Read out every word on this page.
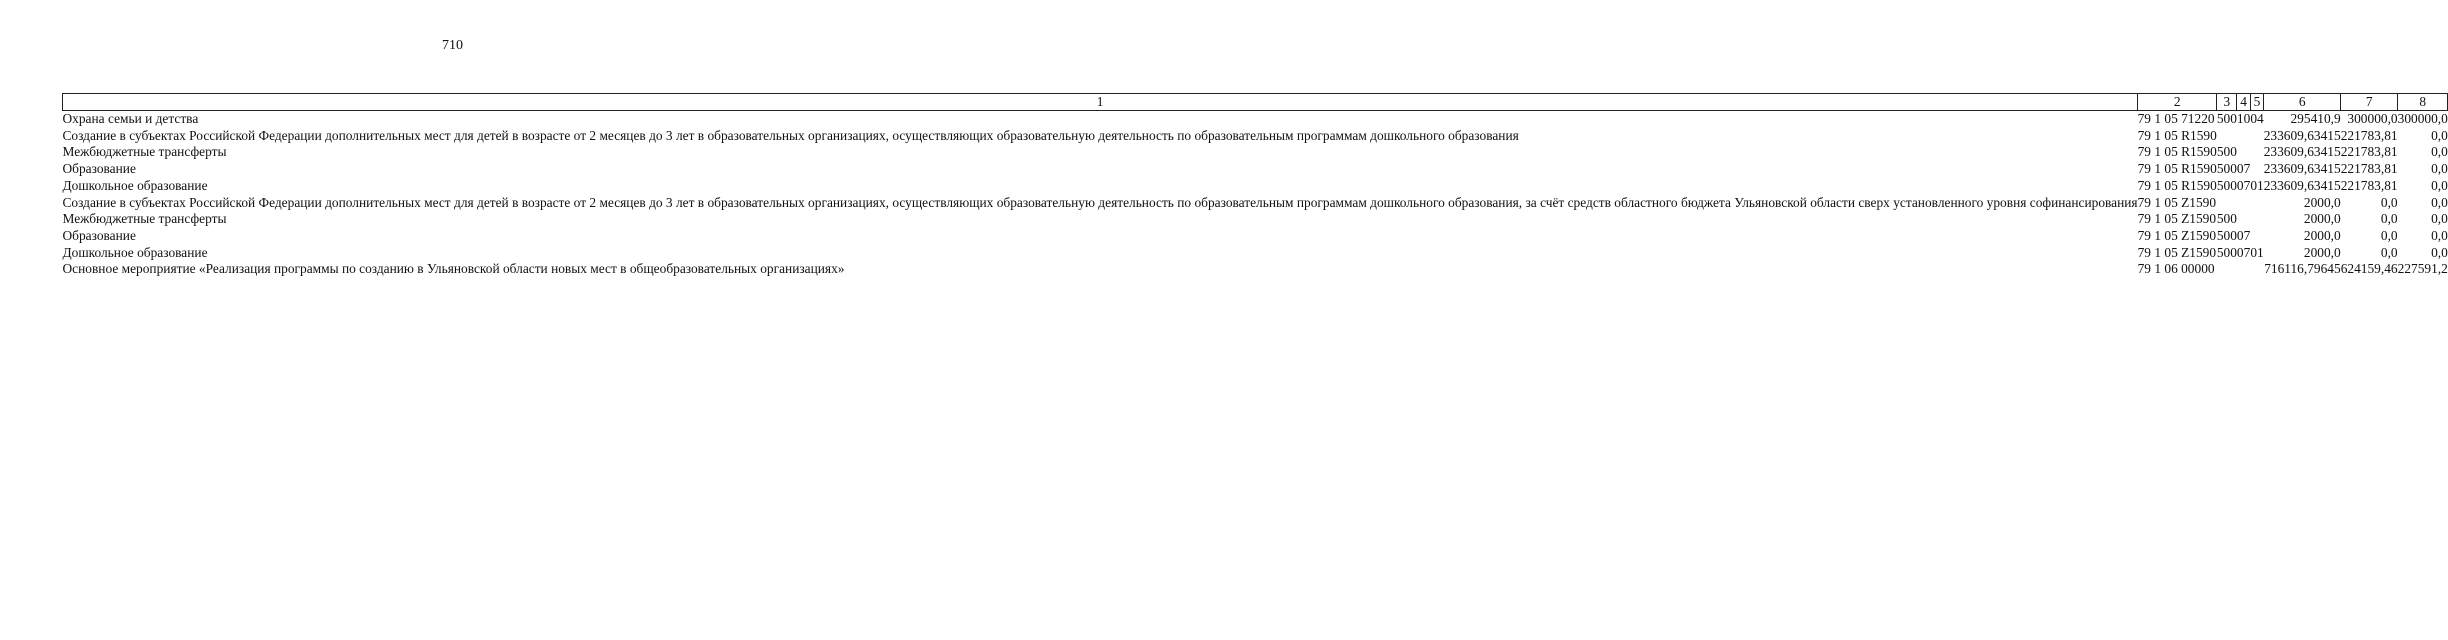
710
1	2	3	4	5	6	7	8
Охрана семьи и детства	79 1 05 71220	500	10	04	295410,9	300000,0	300000,0
Создание в субъектах Российской Федерации дополнительных мест для детей в возрасте от 2 месяцев до 3 лет в образовательных организациях, осуществляющих образовательную деятельность по образовательным программам дошкольного образования	79 1 05 R1590				233609,63415	221783,81	0,0
Межбюджетные трансферты	79 1 05 R1590	500			233609,63415	221783,81	0,0
Образование	79 1 05 R1590	500	07		233609,63415	221783,81	0,0
Дошкольное образование	79 1 05 R1590	500	07	01	233609,63415	221783,81	0,0
Создание в субъектах Российской Федерации дополнительных мест для детей в возрасте от 2 месяцев до 3 лет в образовательных организациях, осуществляющих образовательную деятельность по образовательным программам дошкольного образования, за счёт средств областного бюджета Ульяновской области сверх установленного уровня софинансирования	79 1 05 Z1590				2000,0	0,0	0,0
Межбюджетные трансферты	79 1 05 Z1590	500			2000,0	0,0	0,0
Образование	79 1 05 Z1590	500	07		2000,0	0,0	0,0
Дошкольное образование	79 1 05 Z1590	500	07	01	2000,0	0,0	0,0
Основное мероприятие «Реализация программы по созданию в Ульяновской области новых мест в общеобразовательных организациях»	79 1 06 00000				716116,79645	624159,46	227591,2
